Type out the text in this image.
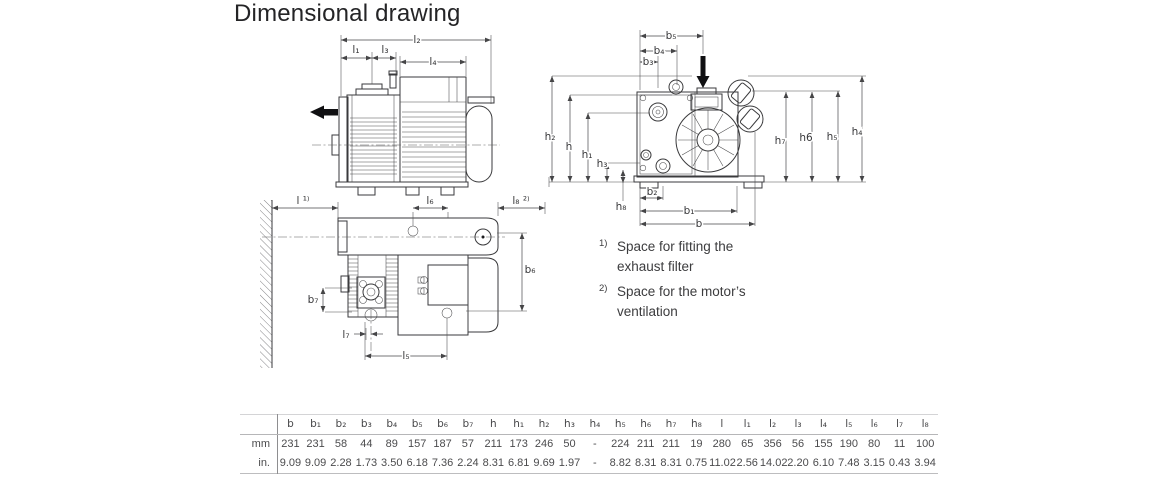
Dimensional drawing
l₂
l₁ l₃
l₄
b₅
b₄
b₃
h₂
h
h₁
h₃
h₈
b₂
b₁
b
h₇ h6 h₅ h₄
l ¹⁾	l₆	l₈ ²⁾
b₆
b₇
l₇
l₅
1) Space for fitting the exhaust filter
2) Space for the motor’s ventilation
	b	b₁	b₂	b₃	b₄	b₅	b₆	b₇	h	h₁	h₂	h₃	h₄	h₅	h₆	h₇	h₈	l	l₁	l₂	l₃	l₄	l₅	l₆	l₇	l₈
mm	231	231	58	44	89	157	187	57	211	173	246	50	-	224	211	211	19	280	65	356	56	155	190	80	11	100
in.	9.09	9.09	2.28	1.73	3.50	6.18	7.36	2.24	8.31	6.81	9.69	1.97	-	8.82	8.31	8.31	0.75	11.02	2.56	14.02	2.20	6.10	7.48	3.15	0.43	3.94
